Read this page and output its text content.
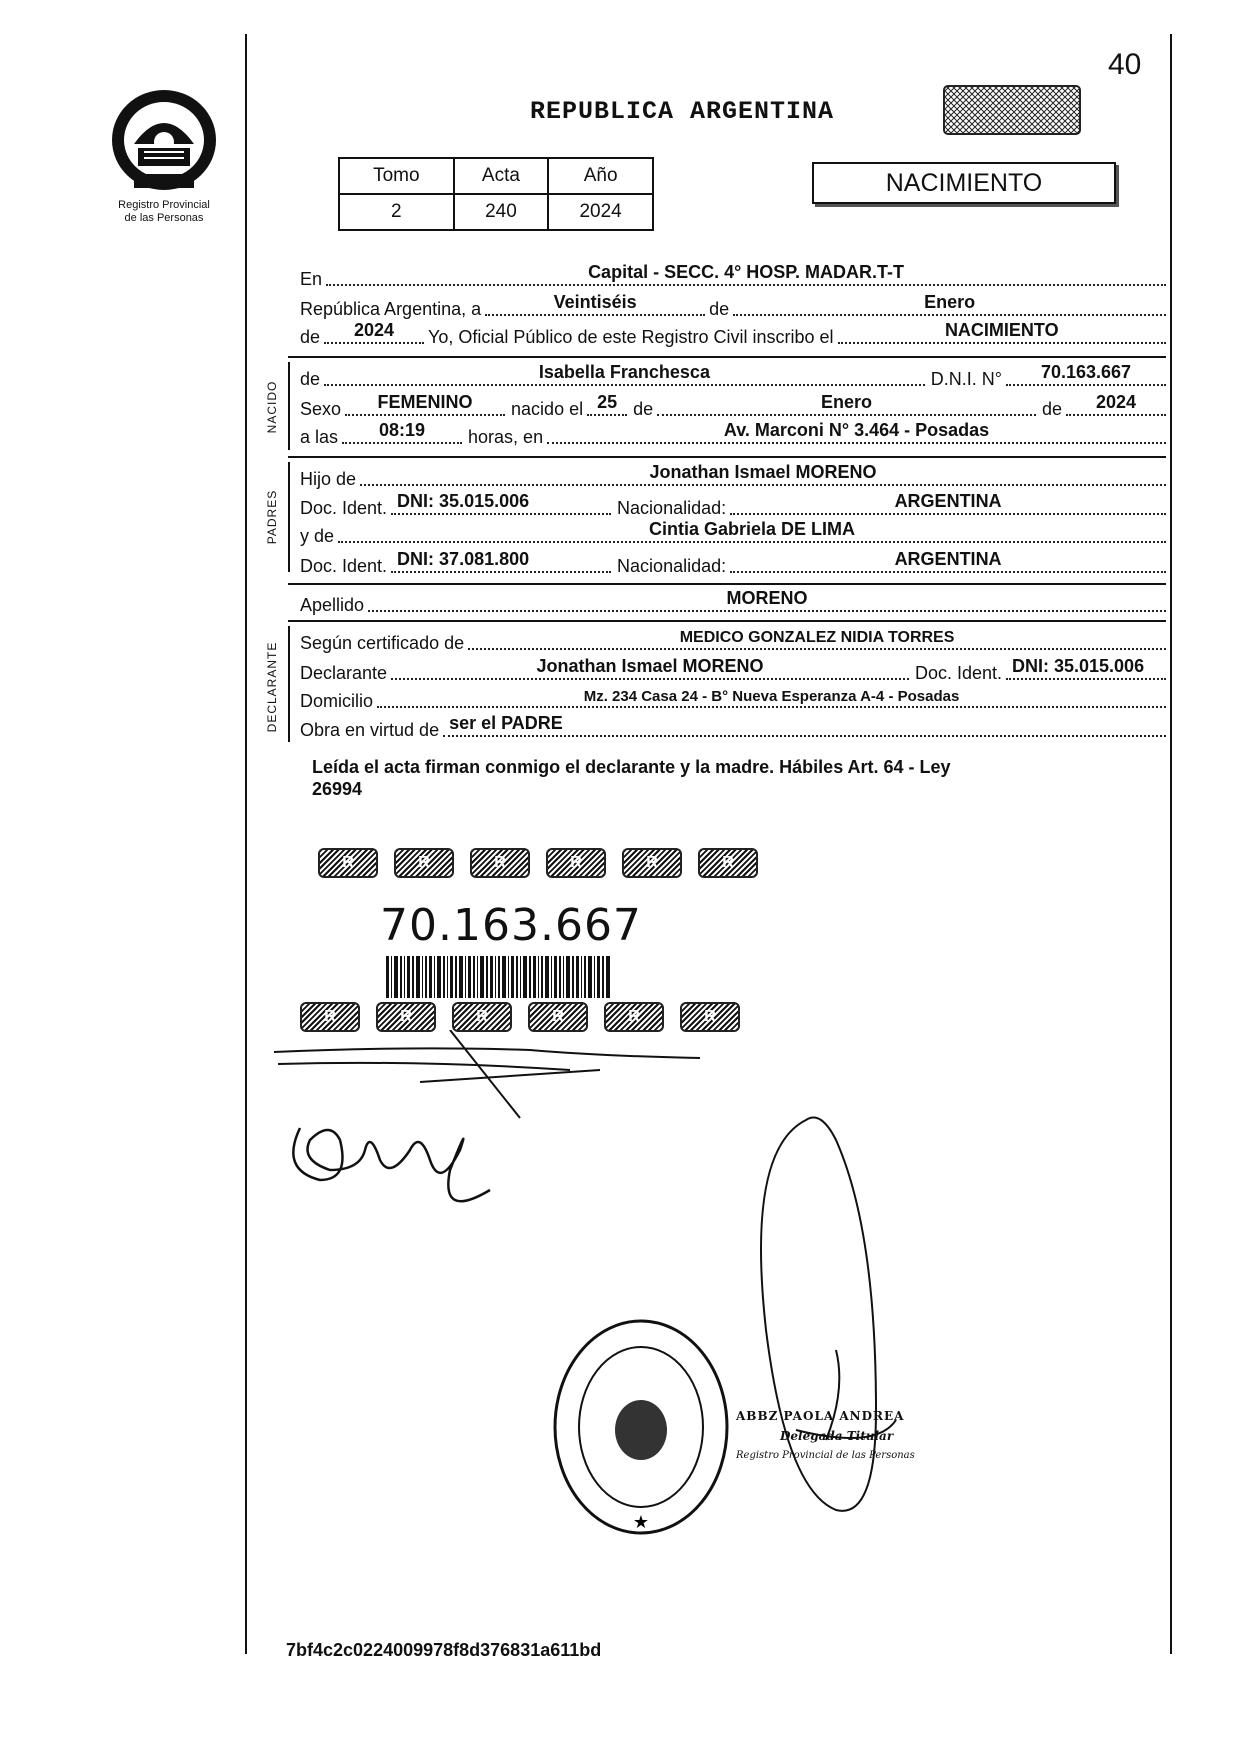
40
Registro Provincial
de las Personas
REPUBLICA ARGENTINA
Tomo	Acta	Año
2	240	2024
NACIMIENTO
En	Capital - SECC. 4° HOSP. MADAR.T-T
República Argentina, a	Veintiséis	de	Enero
de	2024	Yo, Oficial Público de este Registro Civil inscribo el	NACIMIENTO
NACIDO
de	Isabella Franchesca	D.N.I. N°	70.163.667
Sexo	FEMENINO	nacido el 25 de	Enero	de	2024
a las	08:19	horas, en	Av. Marconi N° 3.464 - Posadas
PADRES
Hijo de	Jonathan Ismael MORENO
Doc. Ident. DNI: 35.015.006	Nacionalidad:	ARGENTINA
y de	Cintia Gabriela DE LIMA
Doc. Ident. DNI: 37.081.800	Nacionalidad:	ARGENTINA
Apellido	MORENO
DECLARANTE Según certificado de	MEDICO GONZALEZ NIDIA TORRES
Declarante	Jonathan Ismael MORENO	Doc. Ident. DNI: 35.015.006
Domicilio	Mz. 234 Casa 24 - B° Nueva Esperanza A-4 - Posadas
Obra en virtud de ser el PADRE
Leída el acta firman conmigo el declarante y la madre. Hábiles Art. 64 - Ley
26994
R	R	R	R	R	R
70.163.667
R	R	R	R	R	R
★
ABBZ PAOLA ANDREA
Delegada Titular
Registro Provincial de las Personas
7bf4c2c0224009978f8d376831a611bd
